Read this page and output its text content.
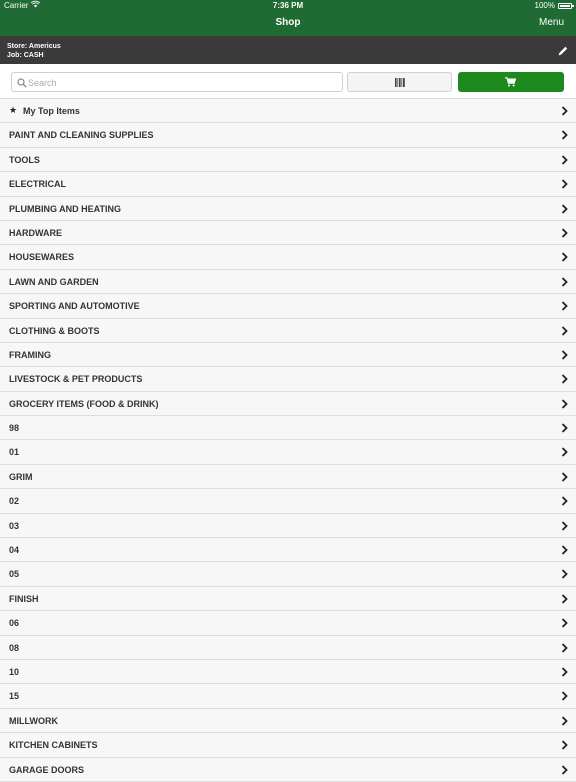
Carrier	7:36 PM	100%
Shop	Menu
Store: Americus
Job: CASH
Search
★ My Top Items
PAINT AND CLEANING SUPPLIES
TOOLS
ELECTRICAL
PLUMBING AND HEATING
HARDWARE
HOUSEWARES
LAWN AND GARDEN
SPORTING AND AUTOMOTIVE
CLOTHING & BOOTS
FRAMING
LIVESTOCK & PET PRODUCTS
GROCERY ITEMS (FOOD & DRINK)
98
01
GRIM
02
03
04
05
FINISH
06
08
10
15
MILLWORK
KITCHEN CABINETS
GARAGE DOORS
